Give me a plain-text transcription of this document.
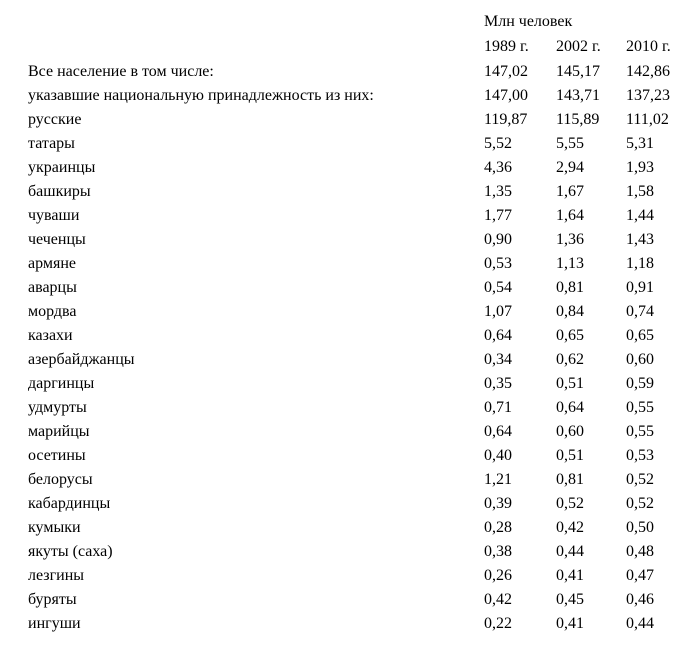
Млн человек
1989 г. 2002 г. 2010 г.
Все население в том числе:	147,02 145,17 142,86
указавшие национальную принадлежность из них:	147,00 143,71 137,23
русские	119,87 115,89 111,02
татары	5,52	5,55	5,31
украинцы	4,36	2,94	1,93
башкиры	1,35	1,67	1,58
чуваши	1,77	1,64	1,44
чеченцы	0,90	1,36	1,43
армяне	0,53	1,13	1,18
аварцы	0,54	0,81	0,91
мордва	1,07	0,84	0,74
казахи	0,64	0,65	0,65
азербайджанцы	0,34	0,62	0,60
даргинцы	0,35	0,51	0,59
удмурты	0,71	0,64	0,55
марийцы	0,64	0,60	0,55
осетины	0,40	0,51	0,53
белорусы	1,21	0,81	0,52
кабардинцы	0,39	0,52	0,52
кумыки	0,28	0,42	0,50
якуты (саха)	0,38	0,44	0,48
лезгины	0,26	0,41	0,47
буряты	0,42	0,45	0,46
ингуши	0,22	0,41	0,44
